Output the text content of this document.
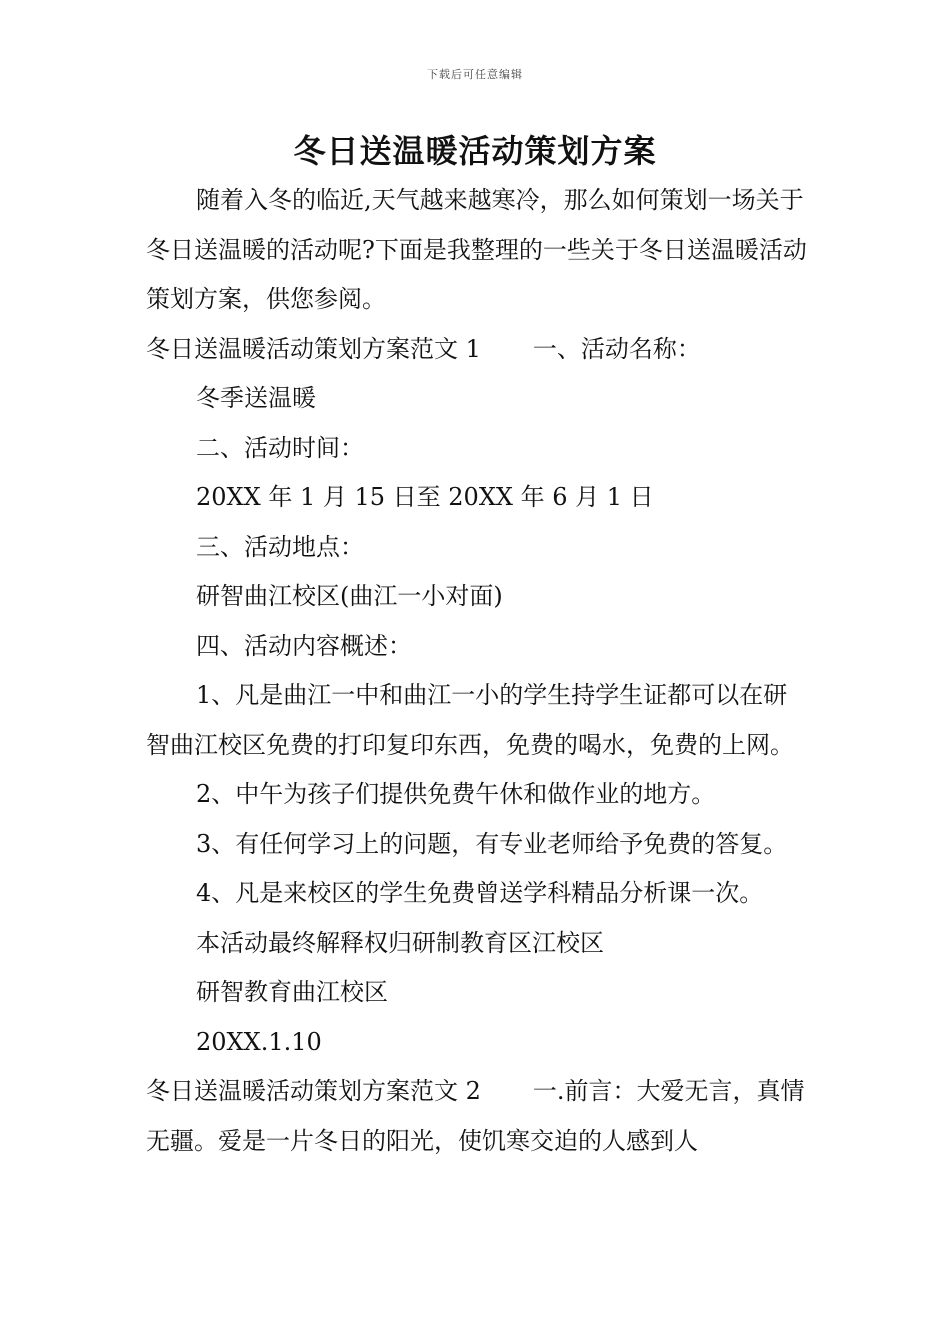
下载后可任意编辑
冬日送温暖活动策划方案

随着入冬的临近,天气越来越寒冷，那么如何策划一场关于冬日送温暖的活动呢?下面是我整理的一些关于冬日送温暖活动策划方案，供您参阅。

冬日送温暖活动策划方案范文 1 一、活动名称：

冬季送温暖

二、活动时间：

20XX 年 1 月 15 日至 20XX 年 6 月 1 日

三、活动地点：

研智曲江校区(曲江一小对面)

四、活动内容概述：

1、凡是曲江一中和曲江一小的学生持学生证都可以在研智曲江校区免费的打印复印东西，免费的喝水，免费的上网。

2、中午为孩子们提供免费午休和做作业的地方。

3、有任何学习上的问题，有专业老师给予免费的答复。

4、凡是来校区的学生免费曾送学科精品分析课一次。

本活动最终解释权归研制教育区江校区

研智教育曲江校区

20XX.1.10

冬日送温暖活动策划方案范文 2 一.前言：大爱无言，真情无疆。爱是一片冬日的阳光，使饥寒交迫的人感到人
